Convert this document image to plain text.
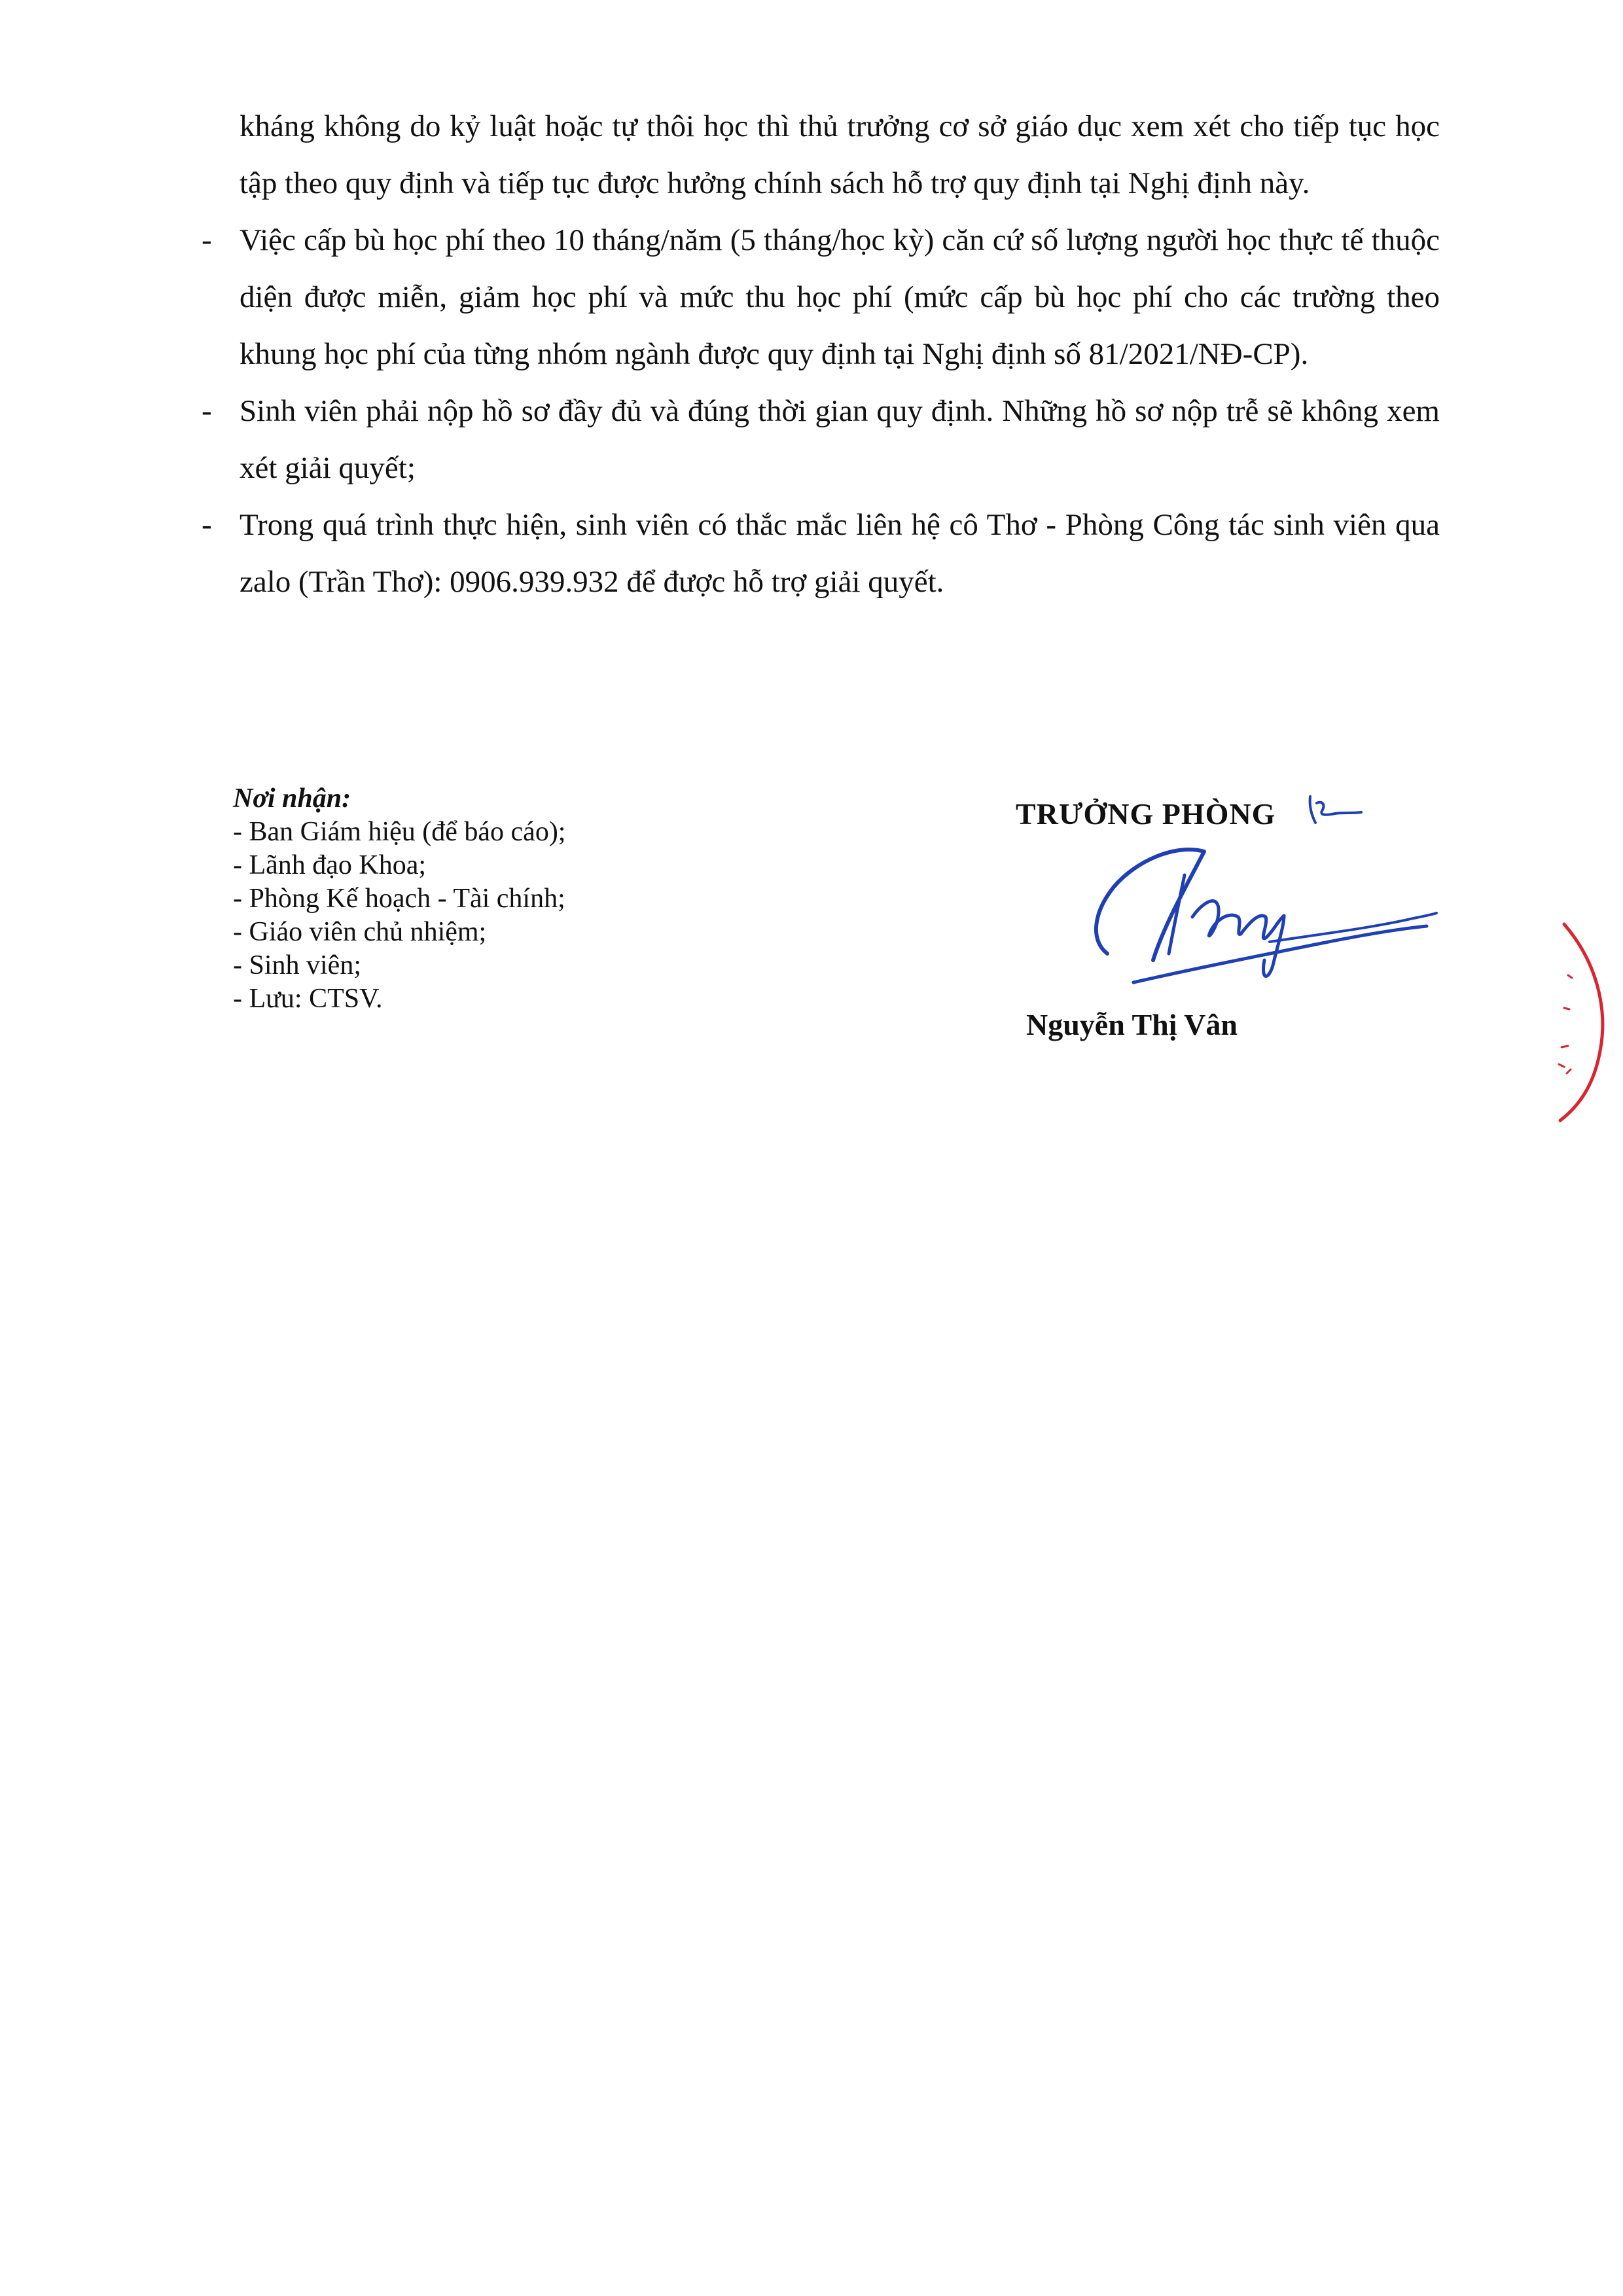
kháng không do kỷ luật hoặc tự thôi học thì thủ trưởng cơ sở giáo dục xem xét cho tiếp tục học tập theo quy định và tiếp tục được hưởng chính sách hỗ trợ quy định tại Nghị định này.

- Việc cấp bù học phí theo 10 tháng/năm (5 tháng/học kỳ) căn cứ số lượng người học thực tế thuộc diện được miễn, giảm học phí và mức thu học phí (mức cấp bù học phí cho các trường theo khung học phí của từng nhóm ngành được quy định tại Nghị định số 81/2021/NĐ-CP).

- Sinh viên phải nộp hồ sơ đầy đủ và đúng thời gian quy định. Những hồ sơ nộp trễ sẽ không xem xét giải quyết;

- Trong quá trình thực hiện, sinh viên có thắc mắc liên hệ cô Thơ - Phòng Công tác sinh viên qua zalo (Trần Thơ): 0906.939.932 để được hỗ trợ giải quyết.

Nơi nhận:
- Ban Giám hiệu (để báo cáo);
- Lãnh đạo Khoa;
- Phòng Kế hoạch - Tài chính;
- Giáo viên chủ nhiệm;
- Sinh viên;
- Lưu: CTSV.
TRƯỞNG PHÒNG
Nguyễn Thị Vân
